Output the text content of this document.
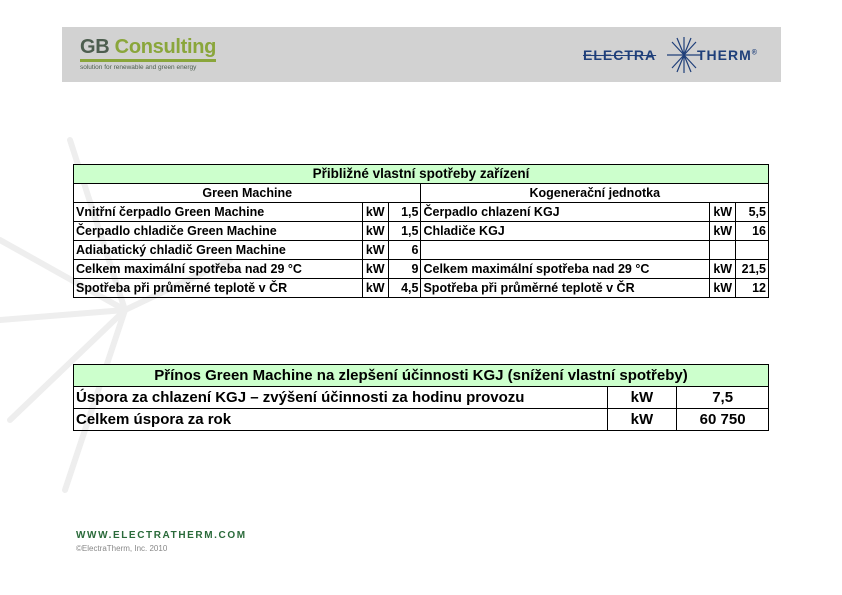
GB Consulting
solution for renewable and green energy
ELECTRA	THERM®
Přibližné vlastní spotřeby zařízení					
Green Machine			Kogenerační jednotka		
Vnitřní čerpadlo Green Machine	kW	1,5	Čerpadlo chlazení KGJ	kW	5,5
Čerpadlo chladiče Green Machine	kW	1,5	Chladiče KGJ	kW	16
Adiabatický chladič Green Machine	kW	6			
Celkem maximální spotřeba nad 29 °C	kW	9	Celkem maximální spotřeba nad 29 °C	kW	21,5
Spotřeba při průměrné teplotě v ČR	kW	4,5	Spotřeba při průměrné teplotě v ČR	kW	12
Přínos Green Machine na zlepšení účinnosti KGJ (snížení vlastní spotřeby)		
Úspora za chlazení KGJ – zvýšení účinnosti za hodinu provozu	kW	7,5
Celkem úspora za rok	kW	60 750
WWW.ELECTRATHERM.COM
©ElectraTherm, Inc. 2010
